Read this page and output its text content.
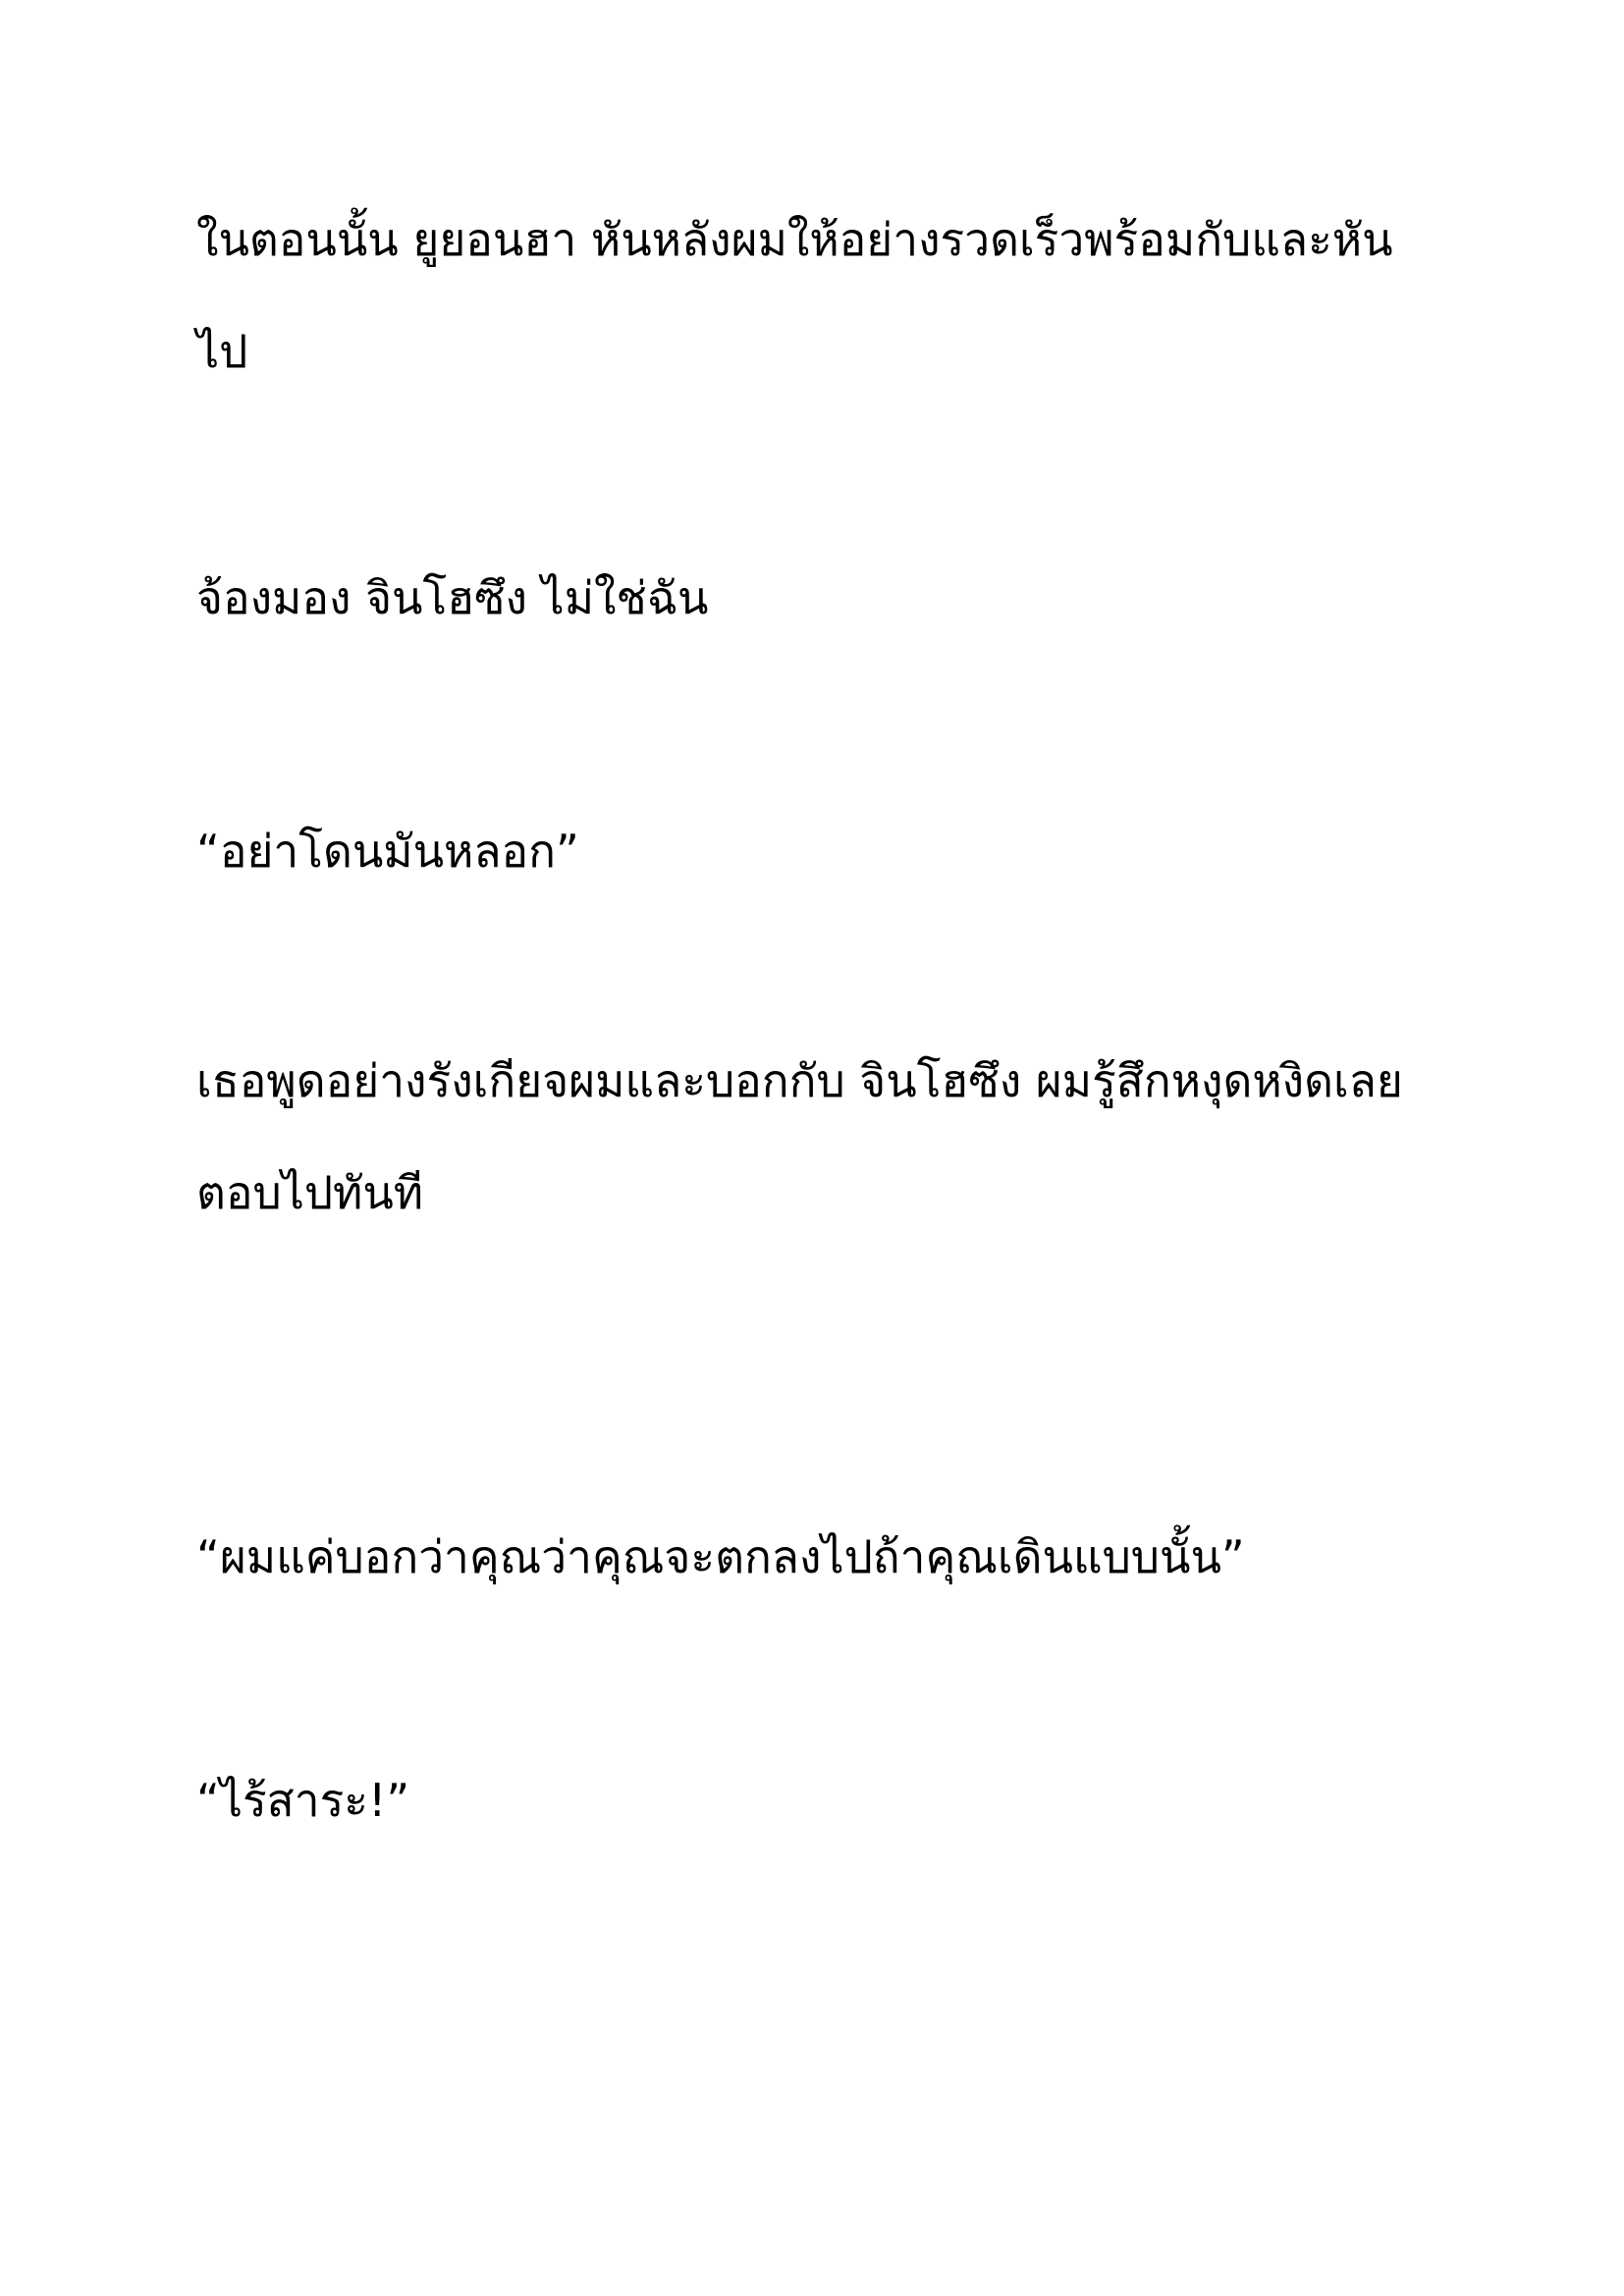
ในตอนนั้น ยูยอนฮา หันหลังผมให้อย่างรวดเร็วพร้อมกับและหันไป

จ้องมอง จินโฮซึง ไม่ใช่ฉัน

“อย่าโดนมันหลอก”

เธอพูดอย่างรังเกียจผมและบอกกับ จินโฮซึง ผมรู้สึกหงุดหงิดเลยตอบไปทันที

“ผมแค่บอกว่าคุณว่าคุณจะตกลงไปถ้าคุณเดินแบบนั้น”

“ไร้สาระ!”
